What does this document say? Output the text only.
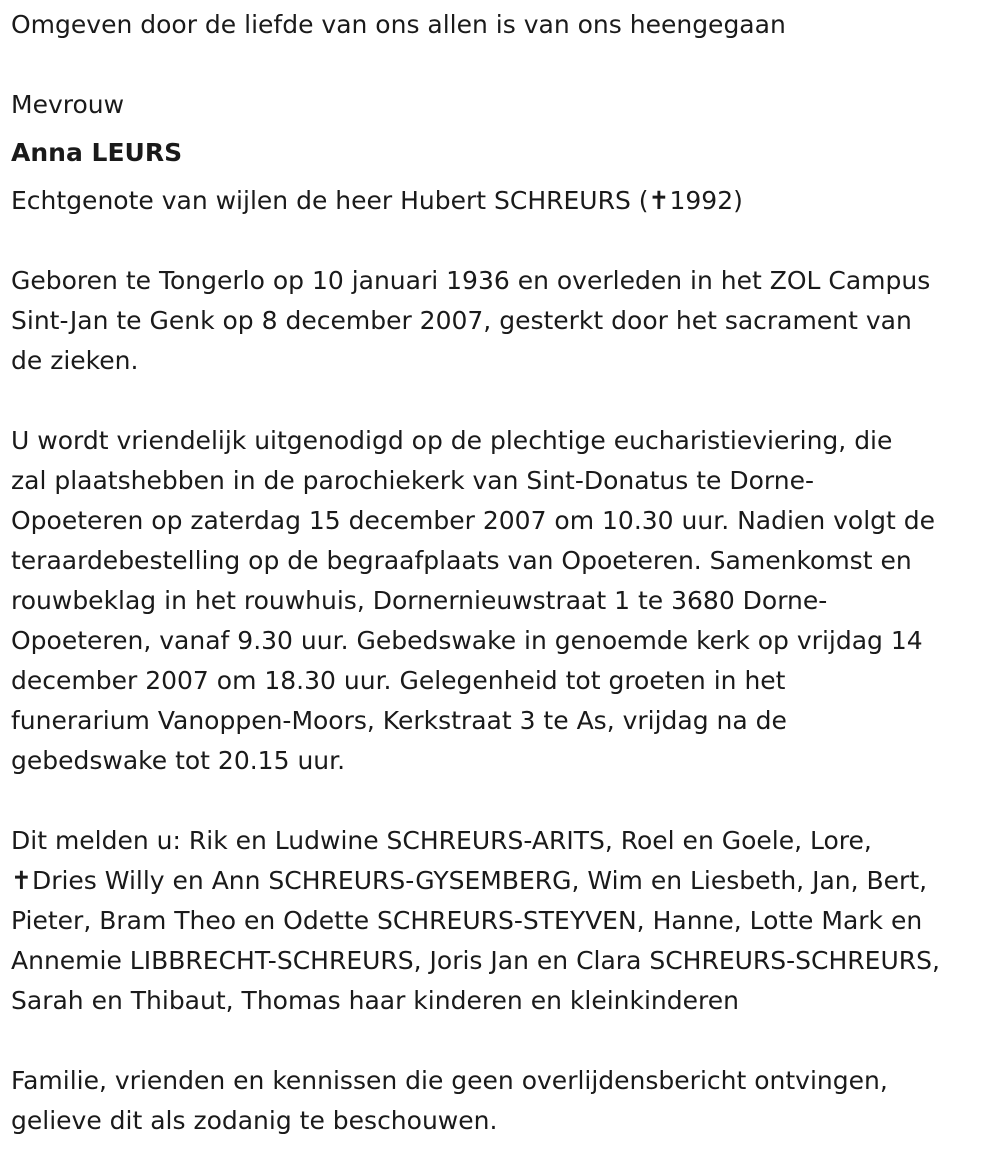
Omgeven door de liefde van ons allen is van ons heengegaan
Mevrouw
Anna LEURS
Echtgenote van wijlen de heer Hubert SCHREURS (✝1992)
Geboren te Tongerlo op 10 januari 1936 en overleden in het ZOL Campus
Sint-Jan te Genk op 8 december 2007, gesterkt door het sacrament van
de zieken.
U wordt vriendelijk uitgenodigd op de plechtige eucharistieviering, die
zal plaatshebben in de parochiekerk van Sint-Donatus te Dorne-
Opoeteren op zaterdag 15 december 2007 om 10.30 uur. Nadien volgt de
teraardebestelling op de begraafplaats van Opoeteren. Samenkomst en
rouwbeklag in het rouwhuis, Dornernieuwstraat 1 te 3680 Dorne-
Opoeteren, vanaf 9.30 uur. Gebedswake in genoemde kerk op vrijdag 14
december 2007 om 18.30 uur. Gelegenheid tot groeten in het
funerarium Vanoppen-Moors, Kerkstraat 3 te As, vrijdag na de
gebedswake tot 20.15 uur.
Dit melden u: Rik en Ludwine SCHREURS-ARITS, Roel en Goele, Lore,
✝Dries Willy en Ann SCHREURS-GYSEMBERG, Wim en Liesbeth, Jan, Bert,
Pieter, Bram Theo en Odette SCHREURS-STEYVEN, Hanne, Lotte Mark en
Annemie LIBBRECHT-SCHREURS, Joris Jan en Clara SCHREURS-SCHREURS,
Sarah en Thibaut, Thomas haar kinderen en kleinkinderen
Familie, vrienden en kennissen die geen overlijdensbericht ontvingen,
gelieve dit als zodanig te beschouwen.
